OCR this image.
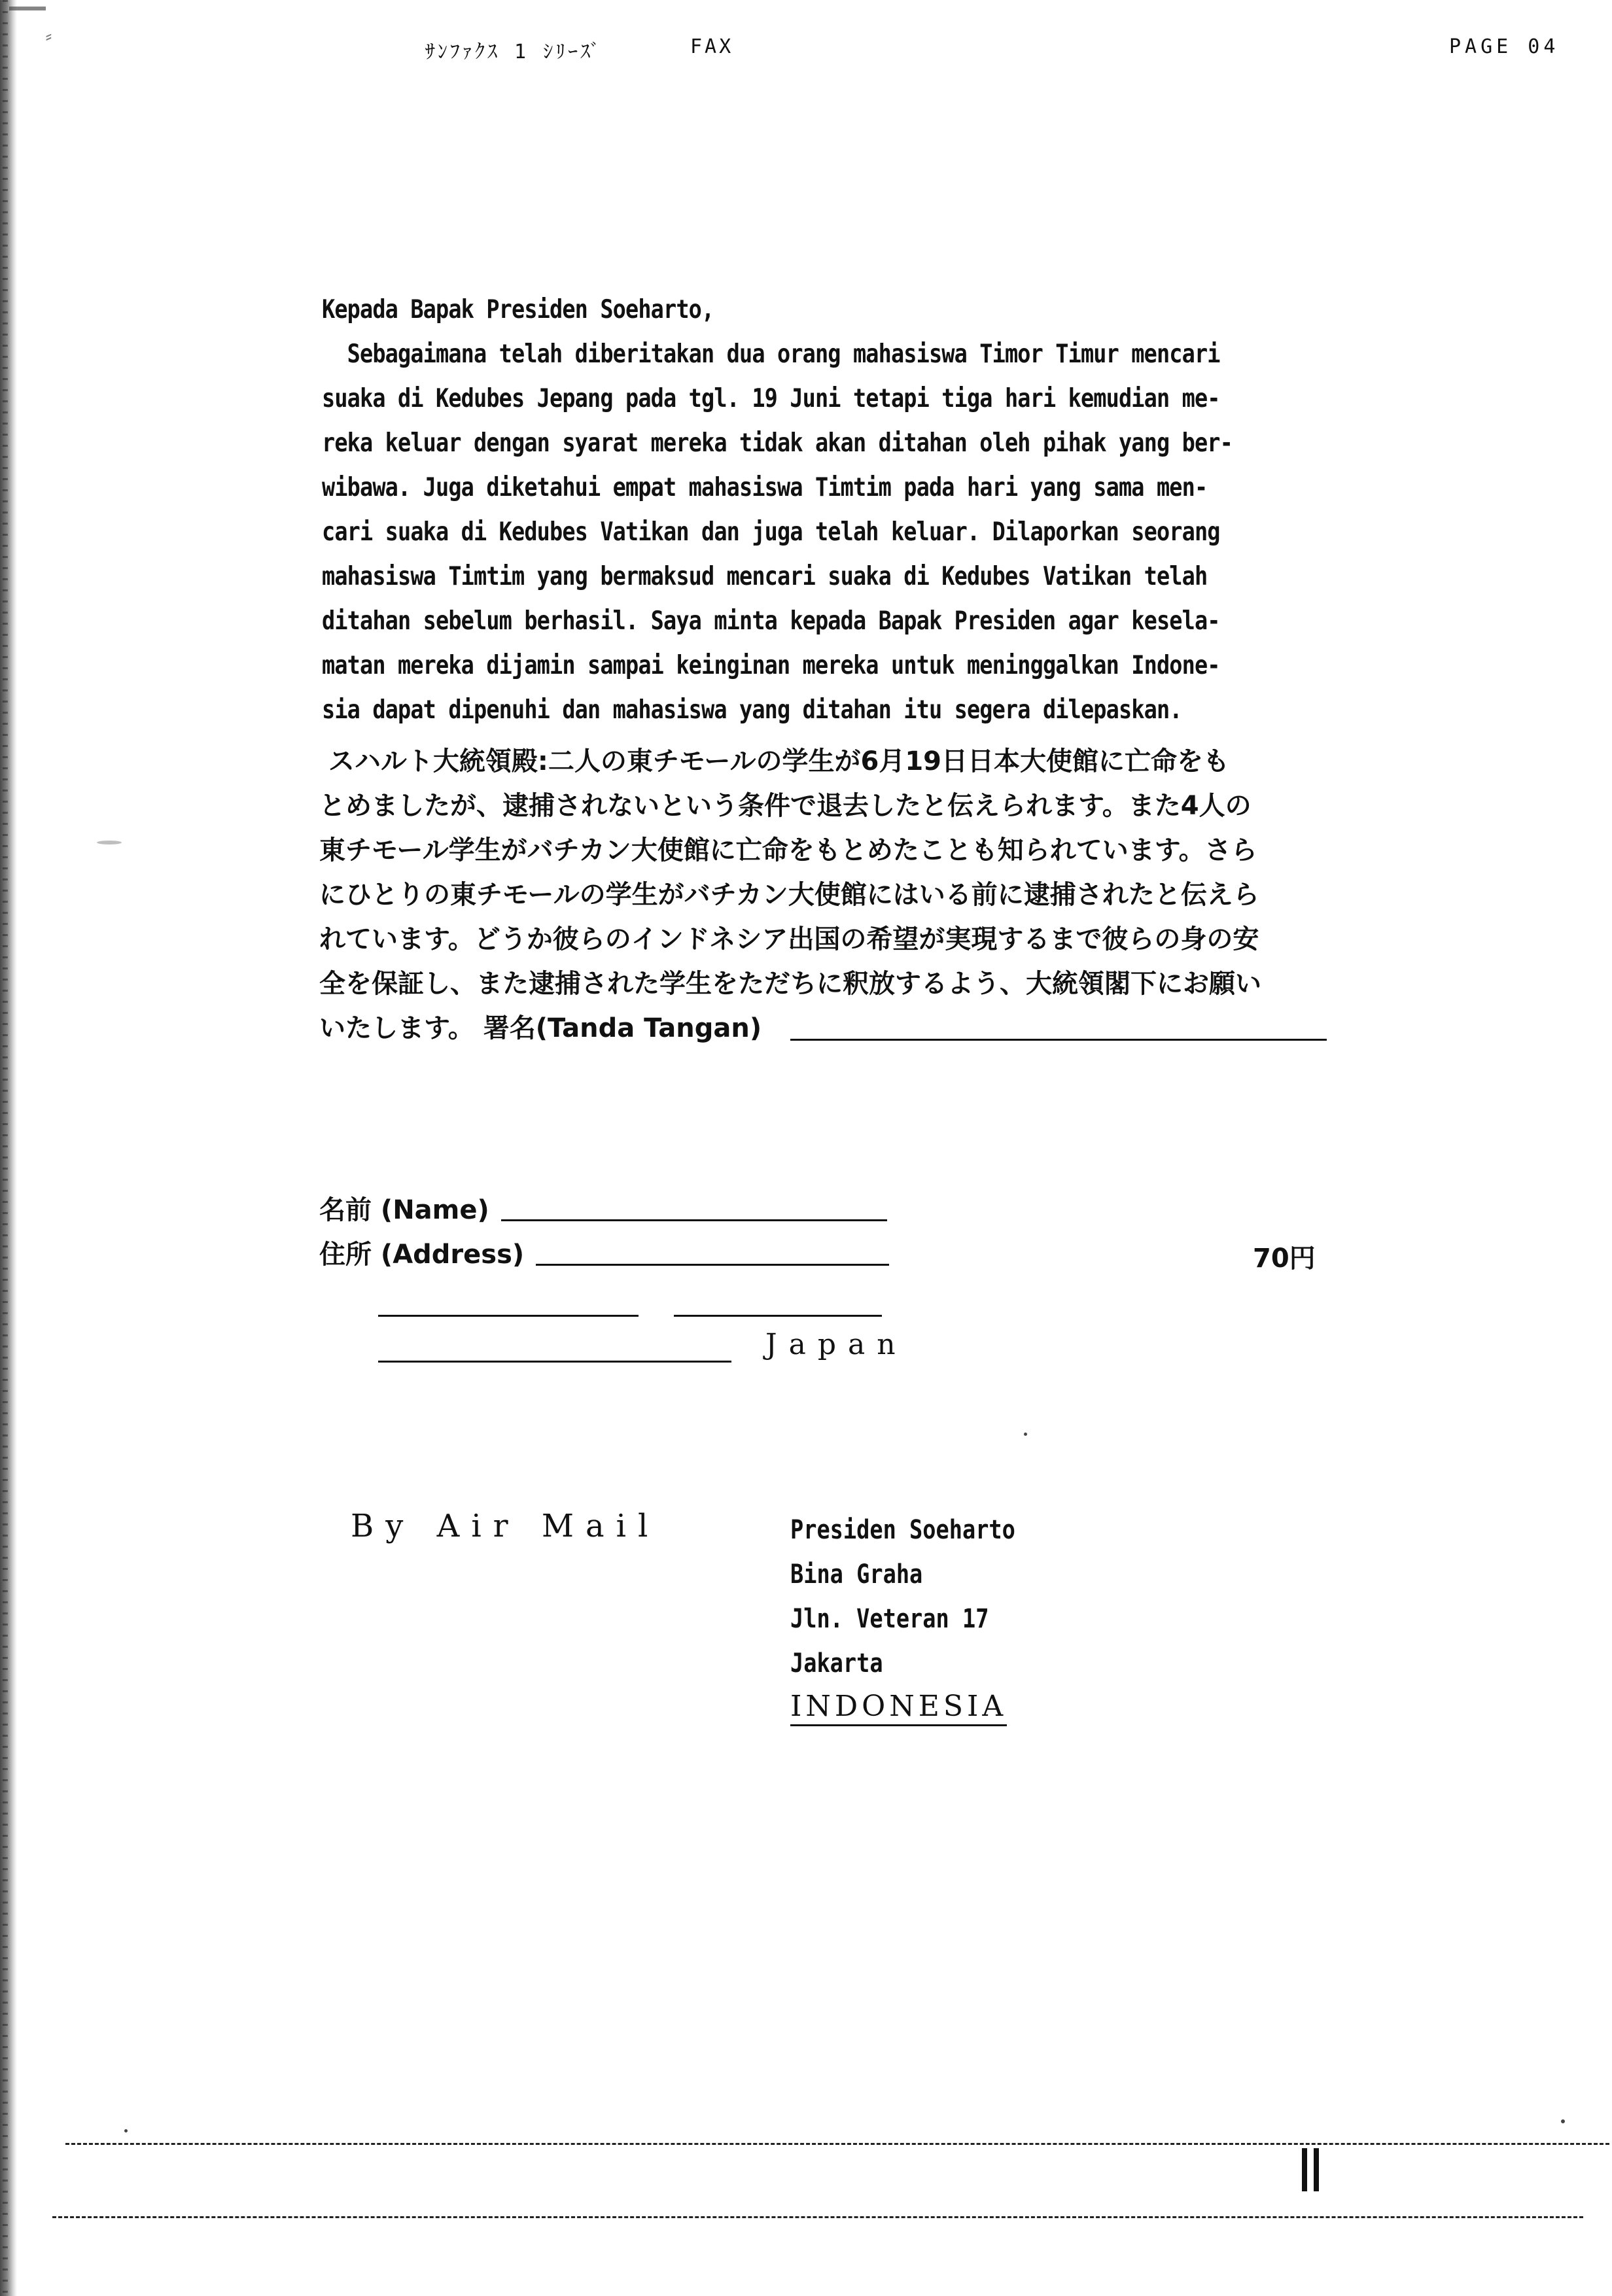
⸗
ｻﾝﾌｧｸｽ 1 ｼﾘｰｽﾞ	FAX	PAGE 04
Kepada Bapak Presiden Soeharto,
Sebagaimana telah diberitakan dua orang mahasiswa Timor Timur mencari
suaka di Kedubes Jepang pada tgl. 19 Juni tetapi tiga hari kemudian me-
reka keluar dengan syarat mereka tidak akan ditahan oleh pihak yang ber-
wibawa. Juga diketahui empat mahasiswa Timtim pada hari yang sama men-
cari suaka di Kedubes Vatikan dan juga telah keluar. Dilaporkan seorang
mahasiswa Timtim yang bermaksud mencari suaka di Kedubes Vatikan telah
ditahan sebelum berhasil. Saya minta kepada Bapak Presiden agar kesela-
matan mereka dijamin sampai keinginan mereka untuk meninggalkan Indone-
sia dapat dipenuhi dan mahasiswa yang ditahan itu segera dilepaskan.
スハルト大統領殿:二人の東チモールの学生が6月19日日本大使館に亡命をも
とめましたが、逮捕されないという条件で退去したと伝えられます。また4人の
東チモール学生がバチカン大使館に亡命をもとめたことも知られています。さら
にひとりの東チモールの学生がバチカン大使館にはいる前に逮捕されたと伝えら
れています。どうか彼らのインドネシア出国の希望が実現するまで彼らの身の安
全を保証し、また逮捕された学生をただちに釈放するよう、大統領閣下にお願い
いたします。 署名(Tanda Tangan)
名前 (Name)
住所 (Address)	70円
Japan
By Air Mail	Presiden Soeharto
Bina Graha
Jln. Veteran 17
Jakarta
INDONESIA
